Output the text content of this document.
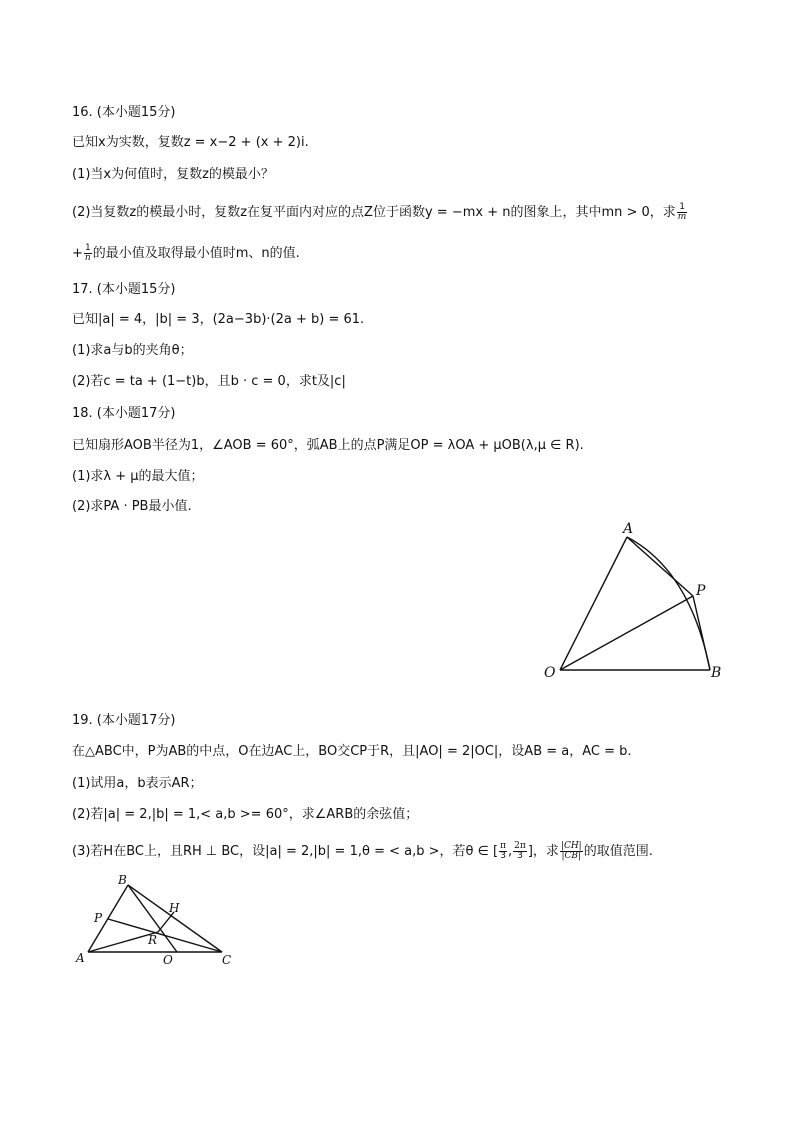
16. (本小题15分)
已知x为实数，复数z = x−2 + (x + 2)i.
(1)当x为何值时，复数z的模最小？
(2)当复数z的模最小时，复数z在复平面内对应的点Z位于函数y = −mx + n的图象上，其中mn > 0，求 $\frac{1}{m}$
+ $\frac{1}{n}$ 的最小值及取得最小值时m、n的值.
17. (本小题15分)
已知|a| = 4，|b| = 3，(2a−3b)·(2a + b) = 61.
(1)求a与b的夹角θ；
(2)若c = ta + (1−t)b，且b · c = 0，求t及|c|
18. (本小题17分)
已知扇形AOB半径为1，∠AOB = 60°，弧AB上的点P满足OP = λOA + μOB(λ,μ ∈ R).
(1)求λ + μ的最大值；
(2)求PA · PB最小值.
A
P
O	B
19. (本小题17分)
在△ABC中，P为AB的中点，O在边AC上，BO交CP于R，且|AO| = 2|OC|，设AB = a，AC = b.
(1)试用a，b表示AR；
(2)若|a| = 2,|b| = 1,< a,b >= 60°，求∠ARB的余弦值；
(3)若H在BC上，且RH ⊥ BC，设|a| = 2,|b| = 1,θ = < a,b >，若θ ∈ [ $\frac{\pi}{3}$ , $\frac{2\pi}{3}$ ]，求 $\frac{|CH|}{|CB|}$ 的取值范围.
B
P
H
R
A	O	C
